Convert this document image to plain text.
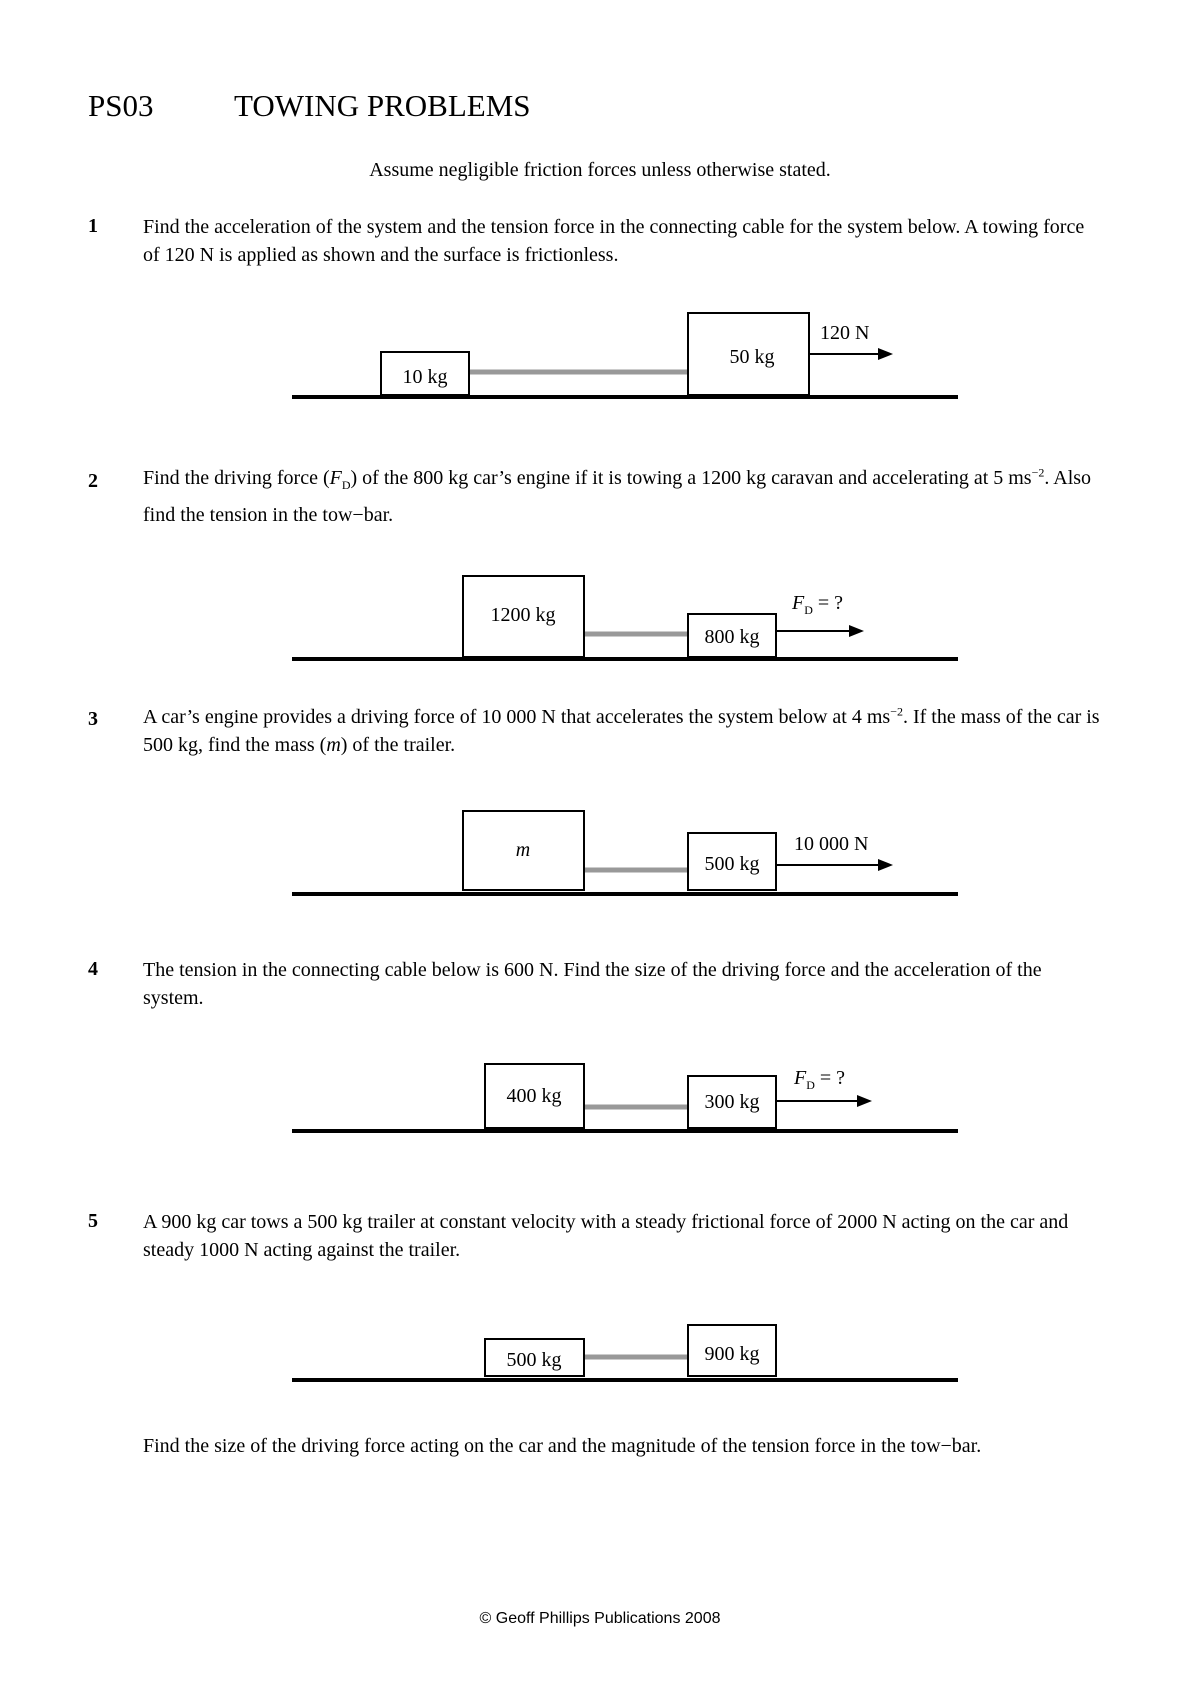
PS03	TOWING PROBLEMS
Assume negligible friction forces unless otherwise stated.
1 Find the acceleration of the system and the tension force in the connecting cable for the system below. A towing force of 120 N is applied as shown and the surface is frictionless.
10 kg
50 kg
120 N
2 Find the driving force $(F_D)$ of the 800 kg car’s engine if it is towing a 1200 kg caravan and accelerating at 5 $ms^{-2}$. Also find the tension in the tow−bar.
1200 kg
800 kg
$F_D$ = ?
3 A car’s engine provides a driving force of 10 000 N that accelerates the system below at 4 $ms^{-2}$. If the mass of the car is 500 kg, find the mass (m) of the trailer.
m
500 kg
10 000 N
4 The tension in the connecting cable below is 600 N. Find the size of the driving force and the acceleration of the system.
400 kg	300 kg
$F_D$ = ?
5 A 900 kg car tows a 500 kg trailer at constant velocity with a steady frictional force of 2000 N acting on the car and steady 1000 N acting against the trailer.
500 kg	900 kg
Find the size of the driving force acting on the car and the magnitude of the tension force in the tow−bar.
© Geoff Phillips Publications 2008
